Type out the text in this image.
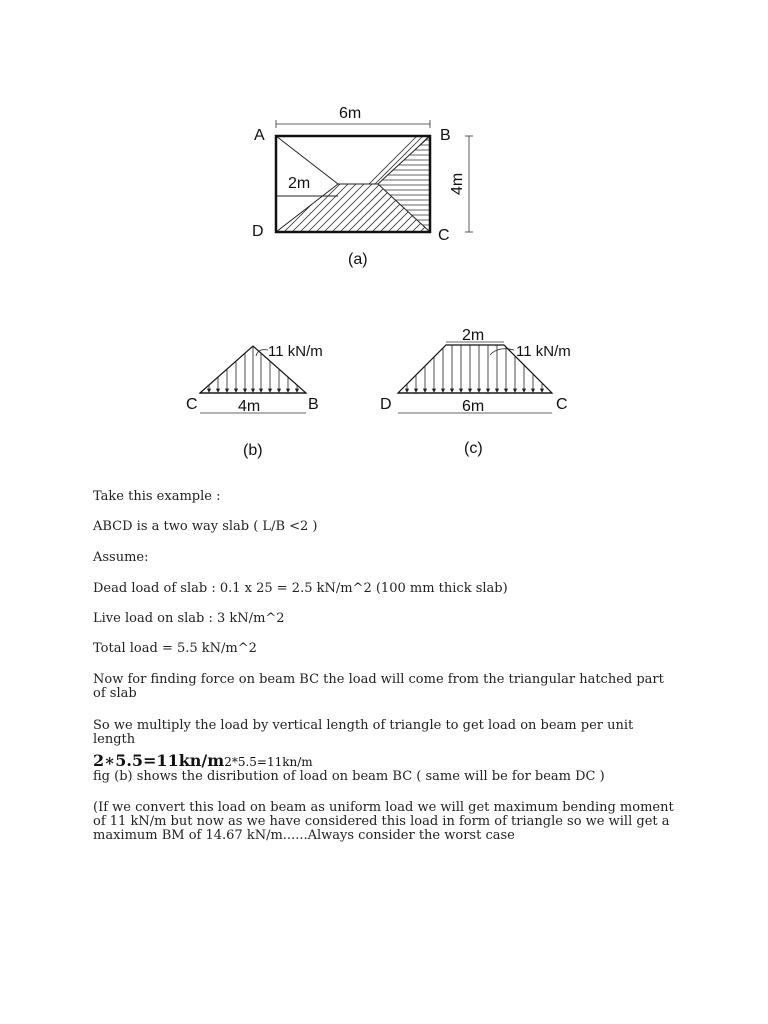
6m
4m
2m
A	B
C
D
(a)
11 kN/m
4m
C	B
(b)
2m
11 kN/m
6m
D	C
(c)
Take this example :
ABCD is a two way slab ( L/B <2 )
Assume:
Dead load of slab : 0.1 x 25 = 2.5 kN/m^2 (100 mm thick slab)
Live load on slab : 3 kN/m^2
Total load = 5.5 kN/m^2
Now for finding force on beam BC the load will come from the triangular hatched part of slab
So we multiply the load by vertical length of triangle to get load on beam per unit length
2∗5.5=11kn/m2*5.5=11kn/m
fig (b) shows the disribution of load on beam BC ( same will be for beam DC )
(If we convert this load on beam as uniform load we will get maximum bending moment of 11 kN/m but now as we have considered this load in form of triangle so we will get a maximum BM of 14.67 kN/m......Always consider the worst case
